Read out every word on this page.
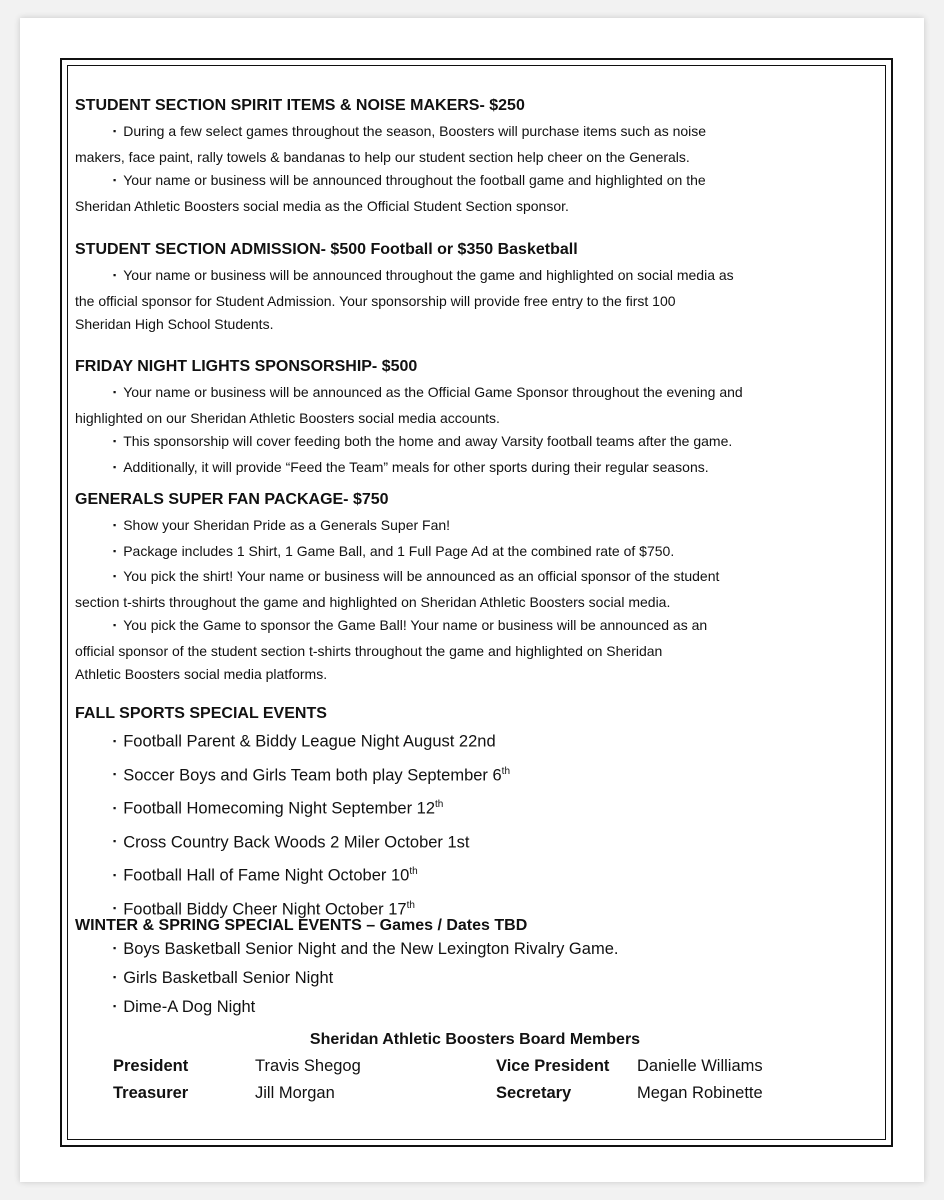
STUDENT SECTION SPIRIT ITEMS & NOISE MAKERS- $250

▪ During a few select games throughout the season, Boosters will purchase items such as noise
makers, face paint, rally towels & bandanas to help our student section help cheer on the Generals.

▪ Your name or business will be announced throughout the football game and highlighted on the
Sheridan Athletic Boosters social media as the Official Student Section sponsor.

STUDENT SECTION ADMISSION- $500 Football or $350 Basketball

▪ Your name or business will be announced throughout the game and highlighted on social media as
the official sponsor for Student Admission. Your sponsorship will provide free entry to the first 100
Sheridan High School Students.

FRIDAY NIGHT LIGHTS SPONSORSHIP- $500

▪ Your name or business will be announced as the Official Game Sponsor throughout the evening and
highlighted on our Sheridan Athletic Boosters social media accounts.

▪ This sponsorship will cover feeding both the home and away Varsity football teams after the game.

▪ Additionally, it will provide “Feed the Team” meals for other sports during their regular seasons.

GENERALS SUPER FAN PACKAGE- $750

▪ Show your Sheridan Pride as a Generals Super Fan!

▪ Package includes 1 Shirt, 1 Game Ball, and 1 Full Page Ad at the combined rate of $750.

▪ You pick the shirt! Your name or business will be announced as an official sponsor of the student
section t-shirts throughout the game and highlighted on Sheridan Athletic Boosters social media.

▪ You pick the Game to sponsor the Game Ball! Your name or business will be announced as an
official sponsor of the student section t-shirts throughout the game and highlighted on Sheridan
Athletic Boosters social media platforms.

FALL SPORTS SPECIAL EVENTS
▪ Football Parent & Biddy League Night August 22nd
▪ Soccer Boys and Girls Team both play September 6th
▪ Football Homecoming Night September 12th
▪ Cross Country Back Woods 2 Miler October 1st
▪ Football Hall of Fame Night October 10th
▪ Football Biddy Cheer Night October 17th
WINTER & SPRING SPECIAL EVENTS – Games / Dates TBD
▪ Boys Basketball Senior Night and the New Lexington Rivalry Game.
▪ Girls Basketball Senior Night
▪ Dime-A Dog Night
Sheridan Athletic Boosters Board Members
President	Travis Shegog	Vice President Danielle Williams
Treasurer	Jill Morgan	Secretary	Megan Robinette
